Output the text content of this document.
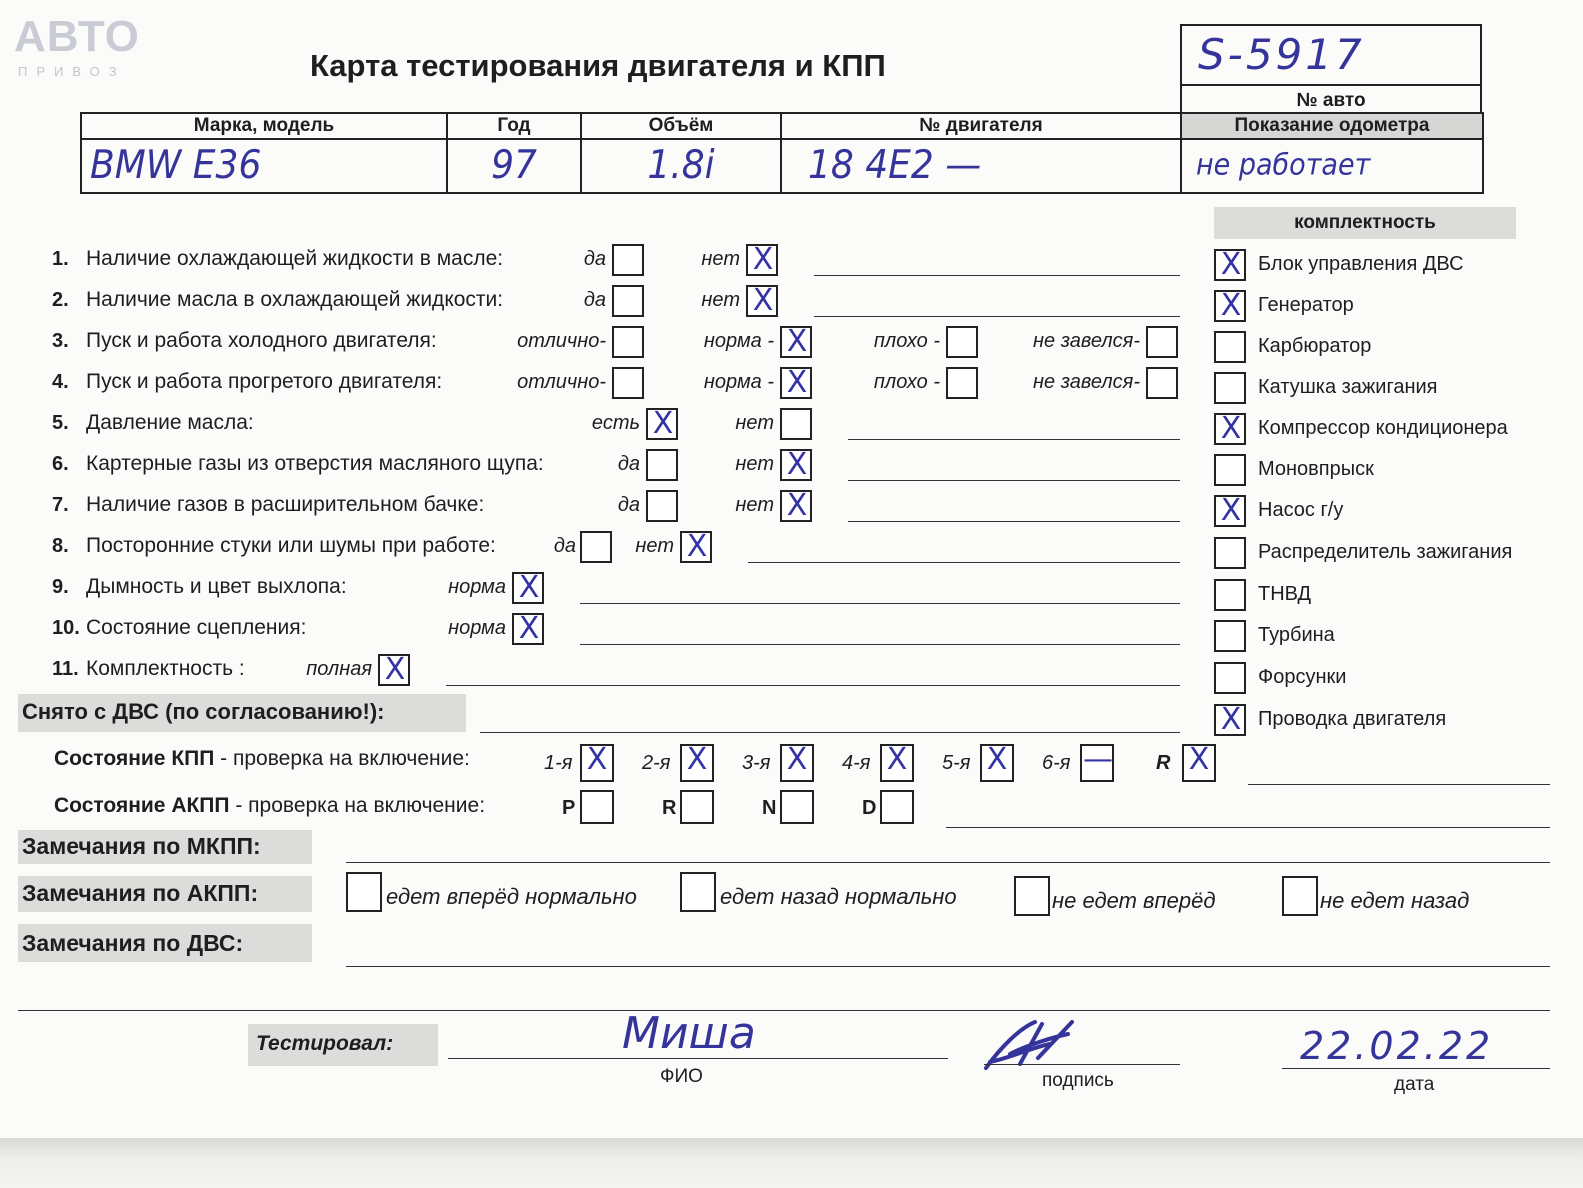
АВТО
ПРИВОЗ	Карта тестирования двигателя и КПП	S-5917
№ авто
Марка, модель	Год	Объём	№ двигателя	Показание одометра
BMW E36	97	1.8i	18 4E2 —	не работает
комплектность
X Блок управления ДВС
X Генератор
Карбюратор
Катушка зажигания
X Компрессор кондиционера
Моновпрыск
X Насос г/у
Распределитель зажигания
ТНВД
Турбина
Форсунки
X Проводка двигателя
1. Наличие охлаждающей жидкости в масле:	да	нет X
2. Наличие масла в охлаждающей жидкости:	да	нет X
3. Пуск и работа холодного двигателя:	отлично-	норма - X	плохо -	не завелся-
4. Пуск и работа прогретого двигателя:	отлично-	норма - X	плохо -	не завелся-
5. Давление масла:	есть X	нет
6. Картерные газы из отверстия масляного щупа:	да	нет X
7. Наличие газов в расширительном бачке:	да	нет X
8. Посторонние стуки или шумы при работе:	да	нет X
9. Дымность и цвет выхлопа:	норма X
10. Состояние сцепления:	норма X
11. Комплектность :	полная X
Снято с ДВС (по согласованию!):
Состояние КПП - проверка на включение:	1-я X 2-я X 3-я X 4-я X 5-я X 6-я — R X
Состояние АКПП - проверка на включение:	P	R	N	D
Замечания по МКПП:
Замечания по АКПП:	едет вперёд нормально	едет назад нормально	не едет вперёд	не едет назад
Замечания по ДВС:
Тестировал:	Миша
ФИО	подпись
22.02.22
дата
